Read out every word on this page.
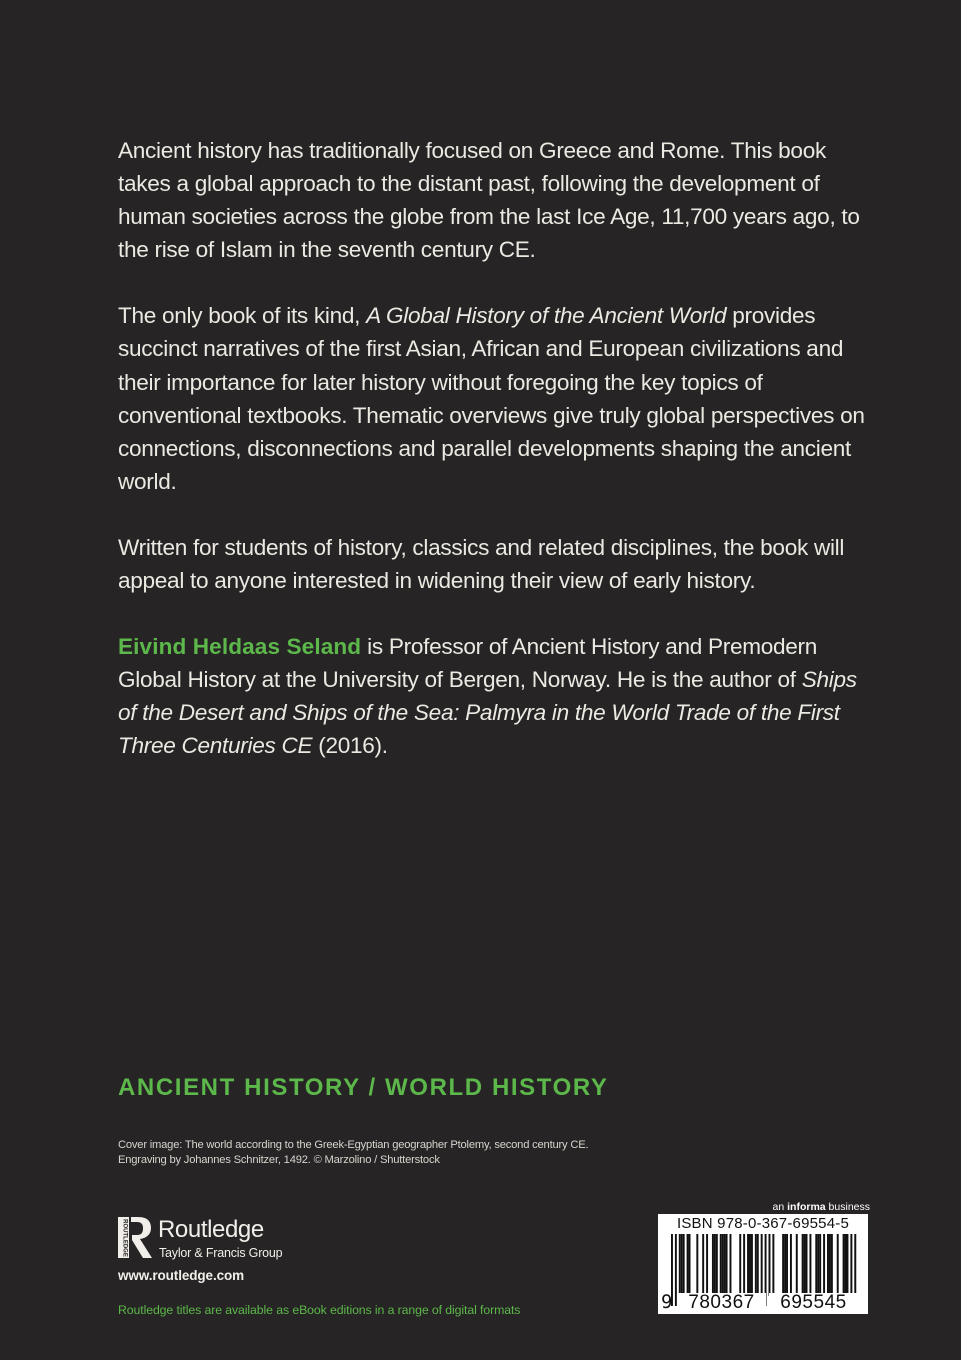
Ancient history has traditionally focused on Greece and Rome. This book takes a global approach to the distant past, following the development of human societies across the globe from the last Ice Age, 11,700 years ago, to the rise of Islam in the seventh century CE.

The only book of its kind, A Global History of the Ancient World provides succinct narratives of the first Asian, African and European civilizations and their importance for later history without foregoing the key topics of conventional textbooks. Thematic overviews give truly global perspectives on connections, disconnections and parallel developments shaping the ancient world.

Written for students of history, classics and related disciplines, the book will appeal to anyone interested in widening their view of early history.

Eivind Heldaas Seland is Professor of Ancient History and Premodern Global History at the University of Bergen, Norway. He is the author of Ships of the Desert and Ships of the Sea: Palmyra in the World Trade of the First Three Centuries CE (2016).

ANCIENT HISTORY / WORLD HISTORY
Cover image: The world according to the Greek-Egyptian geographer Ptolemy, second century CE.
Engraving by Johannes Schnitzer, 1492. © Marzolino / Shutterstock
ROUTLEDGE Routledge
Taylor & Francis Group
www.routledge.com
Routledge titles are available as eBook editions in a range of digital formats
an informa business
ISBN 978-0-367-69554-5
9 780367	695545
